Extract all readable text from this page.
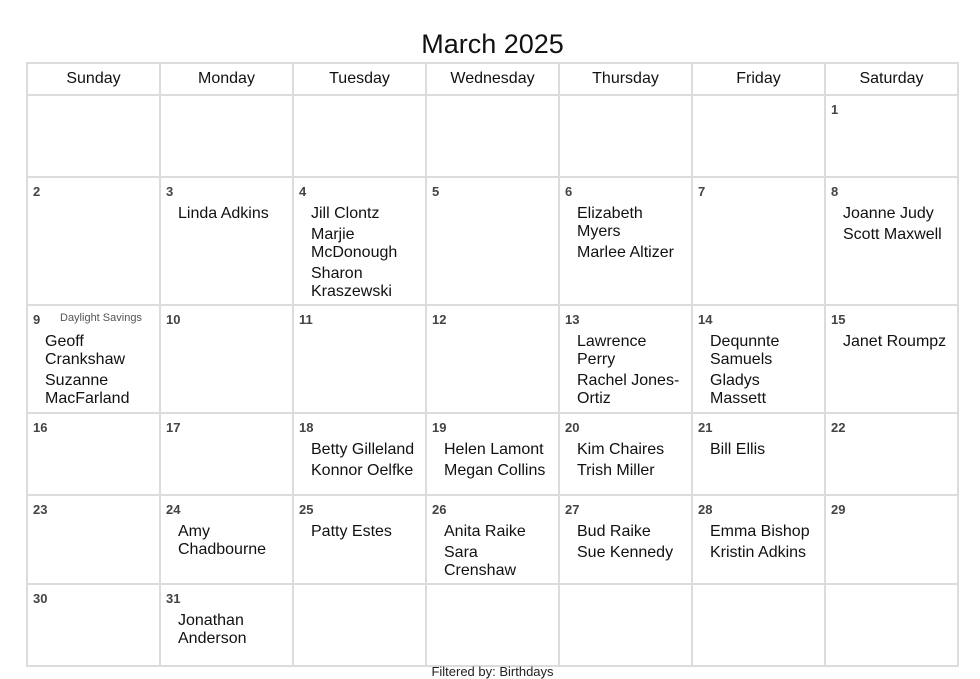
March 2025
Sunday	Monday	Tuesday	Wednesday	Thursday	Friday	Saturday

						1

2	3
Linda Adkins	4
Jill Clontz
Marjie McDonough
Sharon Kraszewski	5	6
Elizabeth Myers
Marlee Altizer	7	8
Joanne Judy
Scott Maxwell

9 Daylight Savings
Geoff Crankshaw
Suzanne MacFarland	10	11	12	13
Lawrence Perry
Rachel Jones-Ortiz	14
Dequnnte Samuels
Gladys Massett	15
Janet Roumpz

16	17	18
Betty Gilleland
Konnor Oelfke	19
Helen Lamont
Megan Collins	20
Kim Chaires
Trish Miller	21
Bill Ellis	22

23	24
Amy Chadbourne	25
Patty Estes	26
Anita Raike
Sara Crenshaw	27
Bud Raike
Sue Kennedy	28
Emma Bishop
Kristin Adkins	29

30	31
Jonathan Anderson					

Filtered by: Birthdays
